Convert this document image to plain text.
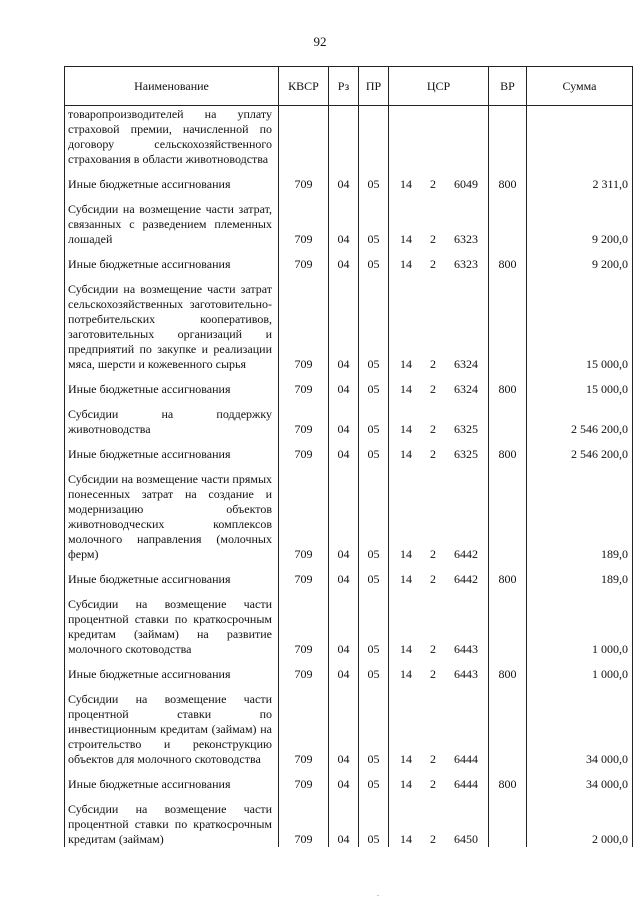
92
Наименование	КВСР	Рз	ПР	ЦСР	ВР	Сумма
товаропроизводителей на уплату страховой премии, начисленной по договору сельскохозяйственного страхования в области животноводства				

Иные бюджетные ассигнования	709	04	05	14 2 6049	800	2 311,0
Субсидии на возмещение части затрат, связанных с разведением племенных лошадей	709	04	05	14 2 6323		9 200,0
Иные бюджетные ассигнования	709	04	05	14 2 6323	800	9 200,0
Субсидии на возмещение части затрат сельскохозяйственных заготовительно-потребительских кооперативов, заготовительных организаций и предприятий по закупке и реализации мяса, шерсти и кожевенного сырья	709	04	05	14 2 6324		15 000,0
Иные бюджетные ассигнования	709	04	05	14 2 6324	800	15 000,0
Субсидии на поддержку животноводства	709	04	05	14 2 6325		2 546 200,0
Иные бюджетные ассигнования	709	04	05	14 2 6325	800	2 546 200,0
Субсидии на возмещение части прямых понесенных затрат на создание и модернизацию объектов животноводческих комплексов молочного направления (молочных ферм)	709	04	05	14 2 6442		189,0
Иные бюджетные ассигнования	709	04	05	14 2 6442	800	189,0
Субсидии на возмещение части процентной ставки по краткосрочным кредитам (займам) на развитие молочного скотоводства	709	04	05	14 2 6443		1 000,0
Иные бюджетные ассигнования	709	04	05	14 2 6443	800	1 000,0
Субсидии на возмещение части процентной ставки по инвестиционным кредитам (займам) на строительство и реконструкцию объектов для молочного скотоводства	709	04	05	14 2 6444		34 000,0
Иные бюджетные ассигнования	709	04	05	14 2 6444	800	34 000,0
Субсидии на возмещение части процентной ставки по краткосрочным кредитам (займам)	709	04	05	14 2 6450		2 000,0
.
